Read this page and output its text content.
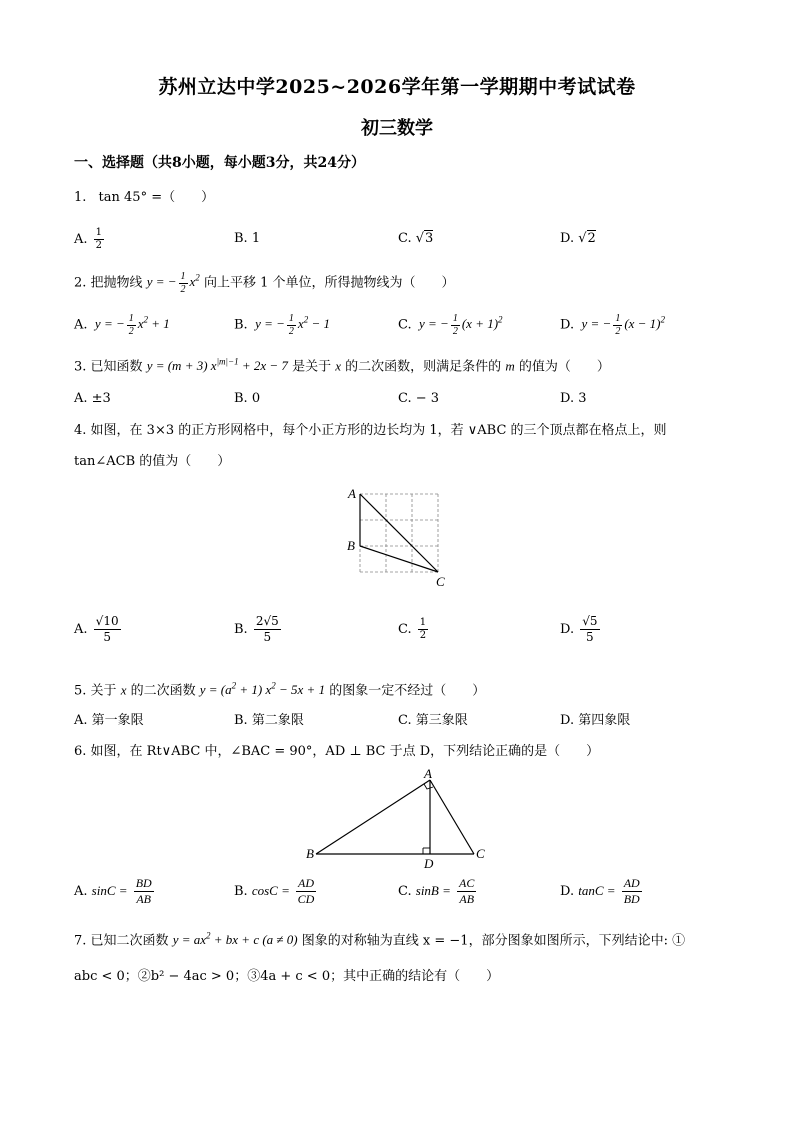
苏州立达中学2025~2026学年第一学期期中考试试卷
初三数学
一、选择题（共8小题，每小题3分，共24分）
1. tan 45° =（　　）
A. $\frac{1}{2}$	B. 1	C. √3	D. √2
2. 把抛物线 y = − $\frac{1}{2} x^2$ 向上平移 1 个单位，所得抛物线为（　　）
A.  y = − $\frac{1}{2} x^2 + 1$	B.  y = − $\frac{1}{2} x^2 - 1$	C.  y = − $\frac{1}{2} (x + 1)^2$	D.  y = − $\frac{1}{2} (x - 1)^2$
3. 已知函数 y = (m + 3) $x^{|m|-1} + 2x - 7$ 是关于 x 的二次函数，则满足条件的 m 的值为（　　）
A. ±3	B. 0	C. − 3	D. 3
4. 如图，在 3×3 的正方形网格中，每个小正方形的边长均为 1，若 ∨ABC 的三个顶点都在格点上，则
tan∠ACB 的值为（　　）
A
B
C
A. $\frac{√10}{5}$	B. $\frac{2√5}{5}$	C. $\frac{1}{2}$	D. $\frac{√5}{5}$
5. 关于 x 的二次函数 $y = (a^2 + 1) x^2 - 5x + 1$ 的图象一定不经过（　　）
A. 第一象限	B. 第二象限	C. 第三象限	D. 第四象限
6. 如图，在 Rt∨ABC 中，∠BAC = 90°，AD ⊥ BC 于点 D，下列结论正确的是（　　）
A
B	C
D
A. $\sin C = \frac{BD}{AB}$	B. $\cos C = \frac{AD}{CD}$	C. $\sin B = \frac{AC}{AB}$	D. $\tan C = \frac{AD}{BD}$
7. 已知二次函数 $y = ax^2$ + bx + c (a ≠ 0) 图象的对称轴为直线 x = −1，部分图象如图所示，下列结论中: ①
abc < 0；②b² − 4ac > 0；③4a + c < 0；其中正确的结论有（　　）
